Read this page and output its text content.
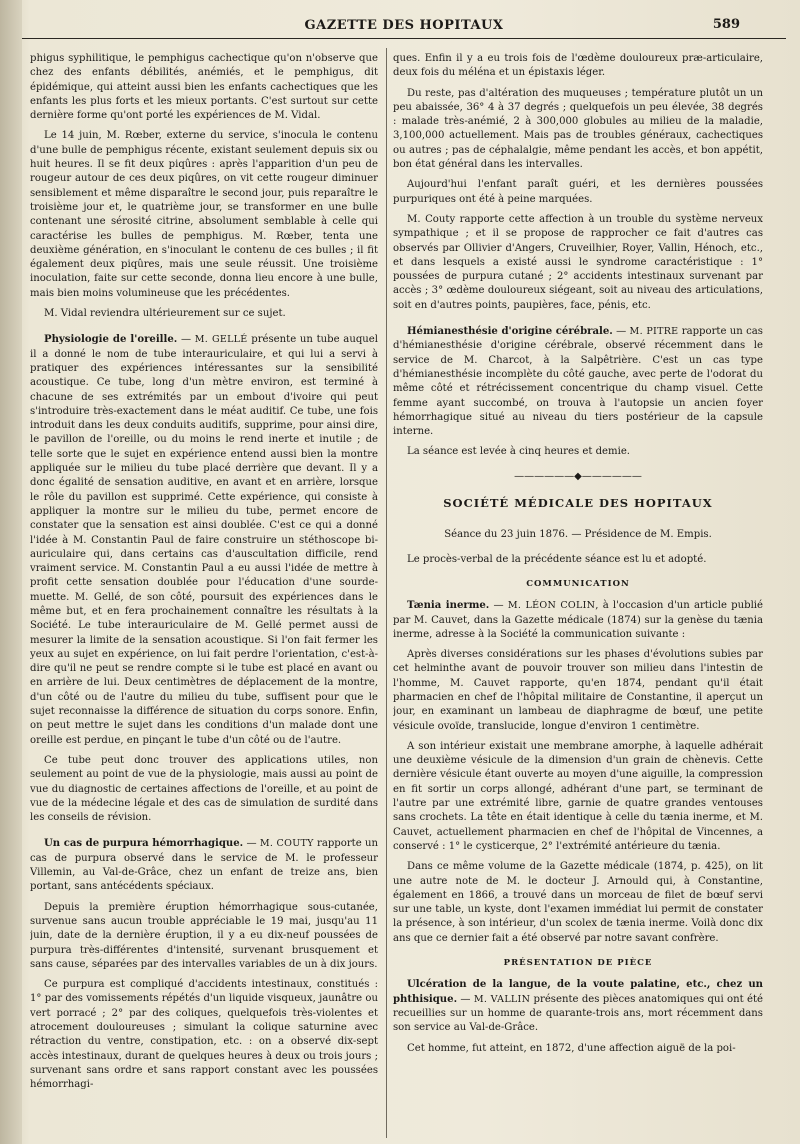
GAZETTE DES HOPITAUX	589

phigus syphilitique, le pemphigus cachectique qu'on n'observe que chez des enfants débilités, anémiés, et le pemphigus, dit épidémique, qui atteint aussi bien les enfants cachectiques que les enfants les plus forts et les mieux portants. C'est surtout sur cette dernière forme qu'ont porté les expériences de M. Vidal.

Le 14 juin, M. Rœber, externe du service, s'inocula le contenu d'une bulle de pemphigus récente, existant seulement depuis six ou huit heures. Il se fit deux piqûres : après l'apparition d'un peu de rougeur autour de ces deux piqûres, on vit cette rougeur diminuer sensiblement et même disparaître le second jour, puis reparaître le troisième jour et, le quatrième jour, se transformer en une bulle contenant une sérosité citrine, absolument semblable à celle qui caractérise les bulles de pemphigus. M. Rœber, tenta une deuxième génération, en s'inoculant le contenu de ces bulles ; il fit également deux piqûres, mais une seule réussit. Une troisième inoculation, faite sur cette seconde, donna lieu encore à une bulle, mais bien moins volumineuse que les précédentes.

M. Vidal reviendra ultérieurement sur ce sujet.

Physiologie de l'oreille. — M. GELLÉ présente un tube auquel il a donné le nom de tube interauriculaire, et qui lui a servi à pratiquer des expériences intéressantes sur la sensibilité acoustique. Ce tube, long d'un mètre environ, est terminé à chacune de ses extrémités par un embout d'ivoire qui peut s'introduire très-exactement dans le méat auditif. Ce tube, une fois introduit dans les deux conduits auditifs, supprime, pour ainsi dire, le pavillon de l'oreille, ou du moins le rend inerte et inutile ; de telle sorte que le sujet en expérience entend aussi bien la montre appliquée sur le milieu du tube placé derrière que devant. Il y a donc égalité de sensation auditive, en avant et en arrière, lorsque le rôle du pavillon est supprimé. Cette expérience, qui consiste à appliquer la montre sur le milieu du tube, permet encore de constater que la sensation est ainsi doublée. C'est ce qui a donné l'idée à M. Constantin Paul de faire construire un stéthoscope bi-auriculaire qui, dans certains cas d'auscultation difficile, rend vraiment service. M. Constantin Paul a eu aussi l'idée de mettre à profit cette sensation doublée pour l'éducation d'une sourde-muette. M. Gellé, de son côté, poursuit des expériences dans le même but, et en fera prochainement connaître les résultats à la Société. Le tube interauriculaire de M. Gellé permet aussi de mesurer la limite de la sensation acoustique. Si l'on fait fermer les yeux au sujet en expérience, on lui fait perdre l'orientation, c'est-à-dire qu'il ne peut se rendre compte si le tube est placé en avant ou en arrière de lui. Deux centimètres de déplacement de la montre, d'un côté ou de l'autre du milieu du tube, suffisent pour que le sujet reconnaisse la différence de situation du corps sonore. Enfin, on peut mettre le sujet dans les conditions d'un malade dont une oreille est perdue, en pinçant le tube d'un côté ou de l'autre.

Ce tube peut donc trouver des applications utiles, non seulement au point de vue de la physiologie, mais aussi au point de vue du diagnostic de certaines affections de l'oreille, et au point de vue de la médecine légale et des cas de simulation de surdité dans les conseils de révision.

Un cas de purpura hémorrhagique. — M. COUTY rapporte un cas de purpura observé dans le service de M. le professeur Villemin, au Val-de-Grâce, chez un enfant de treize ans, bien portant, sans antécédents spéciaux.

Depuis la première éruption hémorrhagique sous-cutanée, survenue sans aucun trouble appréciable le 19 mai, jusqu'au 11 juin, date de la dernière éruption, il y a eu dix-neuf poussées de purpura très-différentes d'intensité, survenant brusquement et sans cause, séparées par des intervalles variables de un à dix jours.

Ce purpura est compliqué d'accidents intestinaux, constitués : 1° par des vomissements répétés d'un liquide visqueux, jaunâtre ou vert porracé ; 2° par des coliques, quelquefois très-violentes et atrocement douloureuses ; simulant la colique saturnine avec rétraction du ventre, constipation, etc. : on a observé dix-sept accès intestinaux, durant de quelques heures à deux ou trois jours ; survenant sans ordre et sans rapport constant avec les poussées hémorrhagi-

ques. Enfin il y a eu trois fois de l'œdème douloureux præ-articulaire, deux fois du méléna et un épistaxis léger.

Du reste, pas d'altération des muqueuses ; température plutôt un un peu abaissée, 36° 4 à 37 degrés ; quelquefois un peu élevée, 38 degrés : malade très-anémié, 2 à 300,000 globules au milieu de la maladie, 3,100,000 actuellement. Mais pas de troubles généraux, cachectiques ou autres ; pas de céphalalgie, même pendant les accès, et bon appétit, bon état général dans les intervalles.

Aujourd'hui l'enfant paraît guéri, et les dernières poussées purpuriques ont été à peine marquées.

M. Couty rapporte cette affection à un trouble du système nerveux sympathique ; et il se propose de rapprocher ce fait d'autres cas observés par Ollivier d'Angers, Cruveilhier, Royer, Vallin, Hénoch, etc., et dans lesquels a existé aussi le syndrome caractéristique : 1° poussées de purpura cutané ; 2° accidents intestinaux survenant par accès ; 3° œdème douloureux siégeant, soit au niveau des articulations, soit en d'autres points, paupières, face, pénis, etc.

Hémianesthésie d'origine cérébrale. — M. PITRE rapporte un cas d'hémianesthésie d'origine cérébrale, observé récemment dans le service de M. Charcot, à la Salpêtrière. C'est un cas type d'hémianesthésie incomplète du côté gauche, avec perte de l'odorat du même côté et rétrécissement concentrique du champ visuel. Cette femme ayant succombé, on trouva à l'autopsie un ancien foyer hémorrhagique situé au niveau du tiers postérieur de la capsule interne.

La séance est levée à cinq heures et demie.

——————◆——————
SOCIÉTÉ MÉDICALE DES HOPITAUX
Séance du 23 juin 1876. — Présidence de M. Empis.

Le procès-verbal de la précédente séance est lu et adopté.

COMMUNICATION

Tænia inerme. — M. LÉON COLIN, à l'occasion d'un article publié par M. Cauvet, dans la Gazette médicale (1874) sur la genèse du tænia inerme, adresse à la Société la communication suivante :

Après diverses considérations sur les phases d'évolutions subies par cet helminthe avant de pouvoir trouver son milieu dans l'intestin de l'homme, M. Cauvet rapporte, qu'en 1874, pendant qu'il était pharmacien en chef de l'hôpital militaire de Constantine, il aperçut un jour, en examinant un lambeau de diaphragme de bœuf, une petite vésicule ovoïde, translucide, longue d'environ 1 centimètre.

A son intérieur existait une membrane amorphe, à laquelle adhérait une deuxième vésicule de la dimension d'un grain de chènevis. Cette dernière vésicule étant ouverte au moyen d'une aiguille, la compression en fit sortir un corps allongé, adhérant d'une part, se terminant de l'autre par une extrémité libre, garnie de quatre grandes ventouses sans crochets. La tête en était identique à celle du tænia inerme, et M. Cauvet, actuellement pharmacien en chef de l'hôpital de Vincennes, a conservé : 1° le cysticerque, 2° l'extrémité antérieure du tænia.

Dans ce même volume de la Gazette médicale (1874, p. 425), on lit une autre note de M. le docteur J. Arnould qui, à Constantine, également en 1866, a trouvé dans un morceau de filet de bœuf servi sur une table, un kyste, dont l'examen immédiat lui permit de constater la présence, à son intérieur, d'un scolex de tænia inerme. Voilà donc dix ans que ce dernier fait a été observé par notre savant confrère.

PRÉSENTATION DE PIÈCE

Ulcération de la langue, de la voute palatine, etc., chez un phthisique. — M. VALLIN présente des pièces anatomiques qui ont été recueillies sur un homme de quarante-trois ans, mort récemment dans son service au Val-de-Grâce.

Cet homme, fut atteint, en 1872, d'une affection aiguë de la poi-
